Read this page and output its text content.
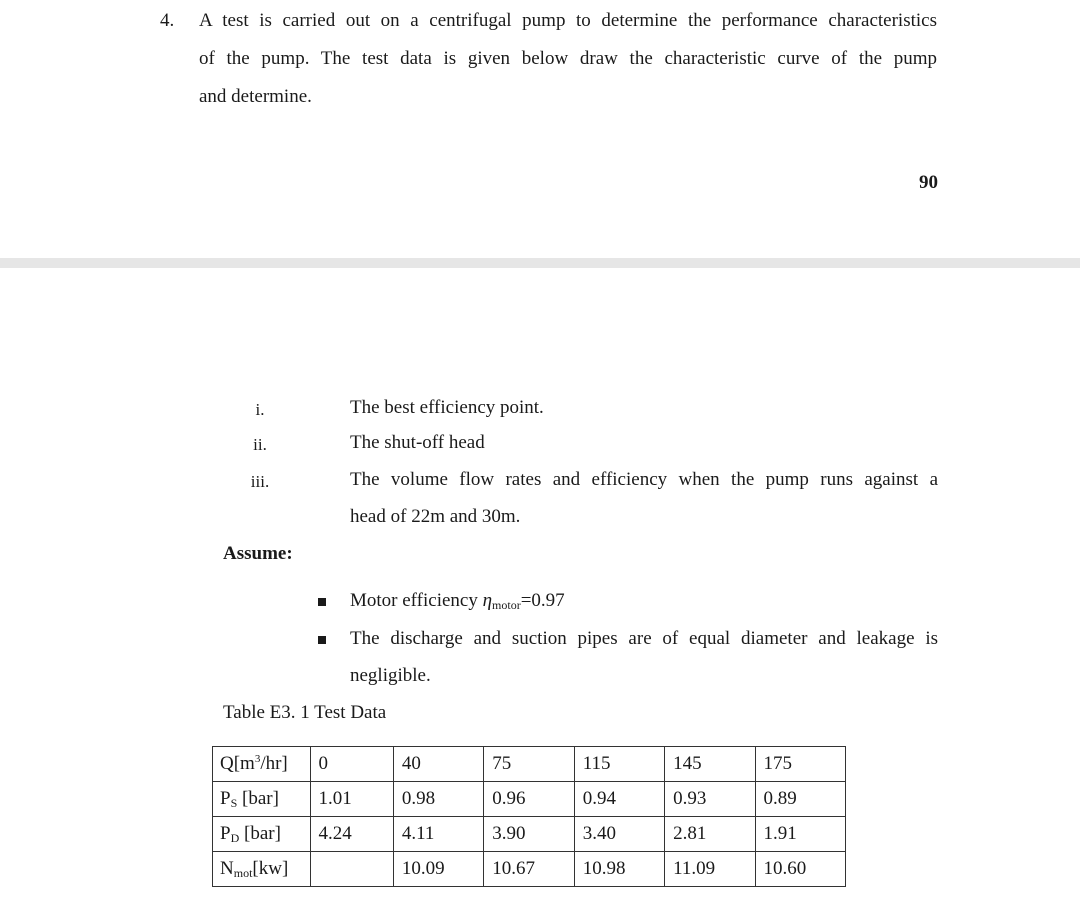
4. A test is carried out on a centrifugal pump to determine the performance characteristics
of the pump. The test data is given below draw the characteristic curve of the pump
and determine.
90
i.	The best efficiency point.
ii.	The shut-off head
iii.	The volume flow rates and efficiency when the pump runs against a
head of 22m and 30m.
Assume:
Motor efficiency ηmotor=0.97
The discharge and suction pipes are of equal diameter and leakage is
negligible.
Table E3. 1 Test Data
$Q[m^3/hr]$	0	40	75	115	145	175
PS [bar]	1.01	0.98	0.96	0.94	0.93	0.89
PD [bar]	4.24	4.11	3.90	3.40	2.81	1.91
Nmot[kw]		10.09	10.67	10.98	11.09	10.60
